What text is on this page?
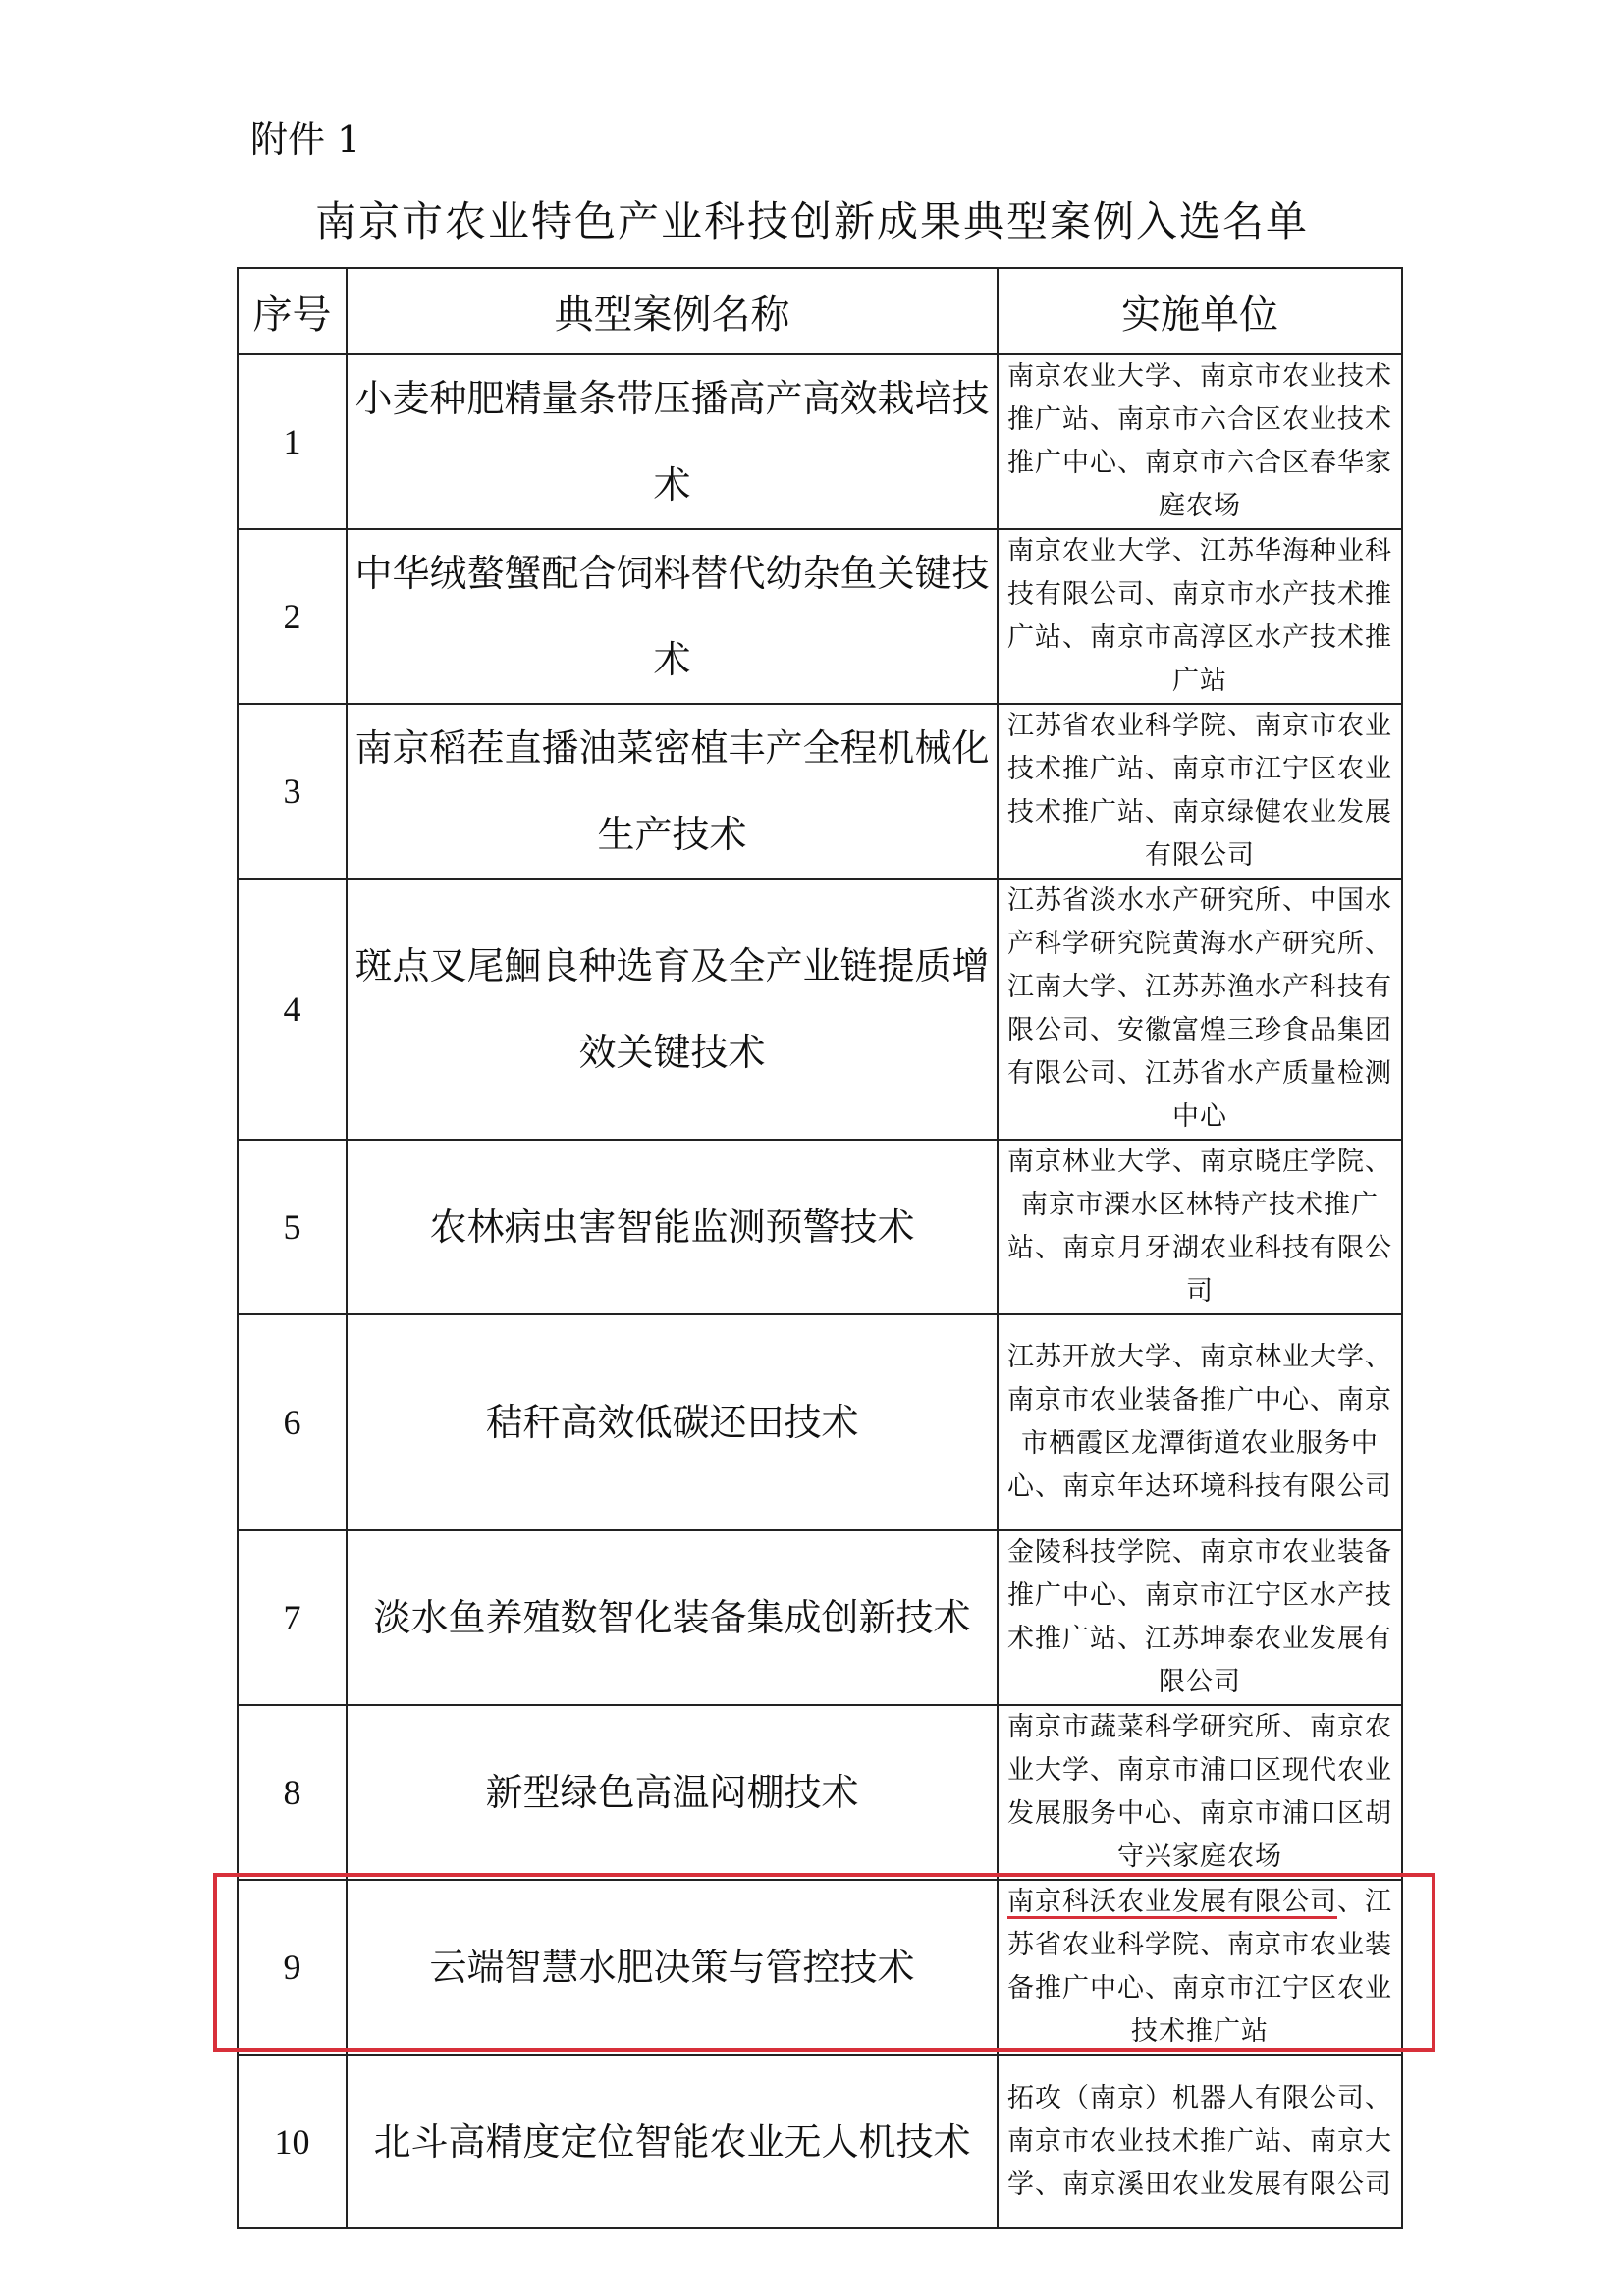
附件 1
南京市农业特色产业科技创新成果典型案例入选名单
序号	典型案例名称	实施单位
1	小麦种肥精量条带压播高产高效栽培技术	南京农业大学、南京市农业技术推广站、南京市六合区农业技术推广中心、南京市六合区春华家庭农场
2	中华绒螯蟹配合饲料替代幼杂鱼关键技术	南京农业大学、江苏华海种业科技有限公司、南京市水产技术推广站、南京市高淳区水产技术推广站
3	南京稻茬直播油菜密植丰产全程机械化生产技术	江苏省农业科学院、南京市农业技术推广站、南京市江宁区农业技术推广站、南京绿健农业发展有限公司
4	斑点叉尾鮰良种选育及全产业链提质增效关键技术	江苏省淡水水产研究所、中国水产科学研究院黄海水产研究所、江南大学、江苏苏渔水产科技有限公司、安徽富煌三珍食品集团有限公司、江苏省水产质量检测中心
5	农林病虫害智能监测预警技术	南京林业大学、南京晓庄学院、南京市溧水区林特产技术推广站、南京月牙湖农业科技有限公司
6	秸秆高效低碳还田技术	江苏开放大学、南京林业大学、南京市农业装备推广中心、南京市栖霞区龙潭街道农业服务中心、南京年达环境科技有限公司
7	淡水鱼养殖数智化装备集成创新技术	金陵科技学院、南京市农业装备推广中心、南京市江宁区水产技术推广站、江苏坤泰农业发展有限公司
8	新型绿色高温闷棚技术	南京市蔬菜科学研究所、南京农业大学、南京市浦口区现代农业发展服务中心、南京市浦口区胡守兴家庭农场
9	云端智慧水肥决策与管控技术	南京科沃农业发展有限公司、江苏省农业科学院、南京市农业装备推广中心、南京市江宁区农业技术推广站
10	北斗高精度定位智能农业无人机技术	拓攻（南京）机器人有限公司、南京市农业技术推广站、南京大学、南京溪田农业发展有限公司
